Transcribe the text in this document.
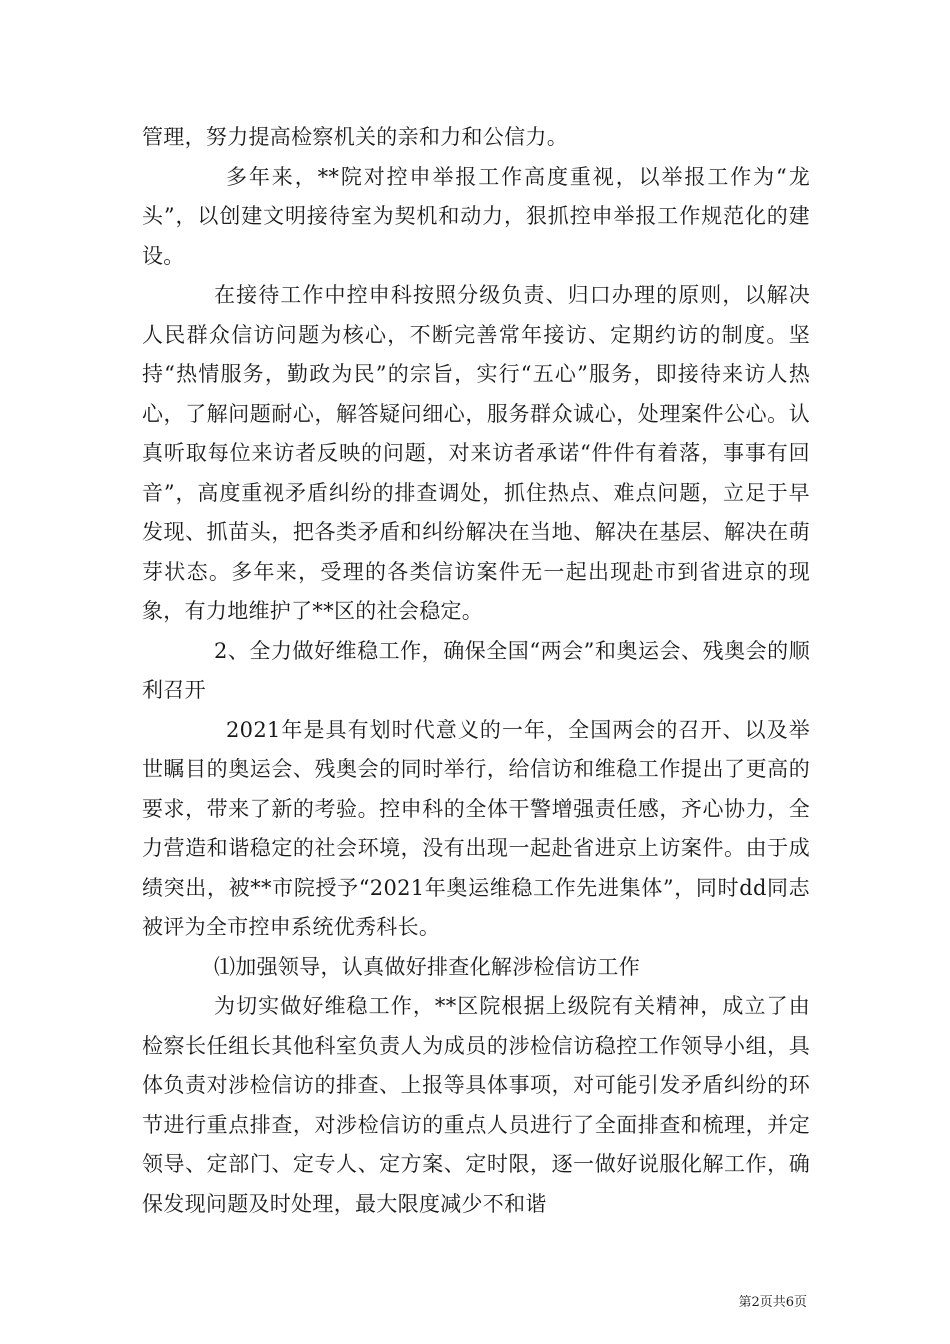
管理，努力提高检察机关的亲和力和公信力。

多年来，**院对控申举报工作高度重视，以举报工作为“龙头”，以创建文明接待室为契机和动力，狠抓控申举报工作规范化的建设。

在接待工作中控申科按照分级负责、归口办理的原则，以解决人民群众信访问题为核心，不断完善常年接访、定期约访的制度。坚持“热情服务，勤政为民”的宗旨，实行“五心”服务，即接待来访人热心，了解问题耐心，解答疑问细心，服务群众诚心，处理案件公心。认真听取每位来访者反映的问题，对来访者承诺“件件有着落，事事有回音”，高度重视矛盾纠纷的排查调处，抓住热点、难点问题，立足于早发现、抓苗头，把各类矛盾和纠纷解决在当地、解决在基层、解决在萌芽状态。多年来，受理的各类信访案件无一起出现赴市到省进京的现象，有力地维护了**区的社会稳定。

2、全力做好维稳工作，确保全国“两会”和奥运会、残奥会的顺利召开

2021年是具有划时代意义的一年，全国两会的召开、以及举世瞩目的奥运会、残奥会的同时举行，给信访和维稳工作提出了更高的要求，带来了新的考验。控申科的全体干警增强责任感，齐心协力，全力营造和谐稳定的社会环境，没有出现一起赴省进京上访案件。由于成绩突出，被**市院授予“2021年奥运维稳工作先进集体”，同时dd同志被评为全市控申系统优秀科长。

⑴加强领导，认真做好排查化解涉检信访工作

为切实做好维稳工作，**区院根据上级院有关精神，成立了由检察长任组长其他科室负责人为成员的涉检信访稳控工作领导小组，具体负责对涉检信访的排查、上报等具体事项，对可能引发矛盾纠纷的环节进行重点排查，对涉检信访的重点人员进行了全面排查和梳理，并定领导、定部门、定专人、定方案、定时限，逐一做好说服化解工作，确保发现问题及时处理，最大限度减少不和谐

第2页共6页
